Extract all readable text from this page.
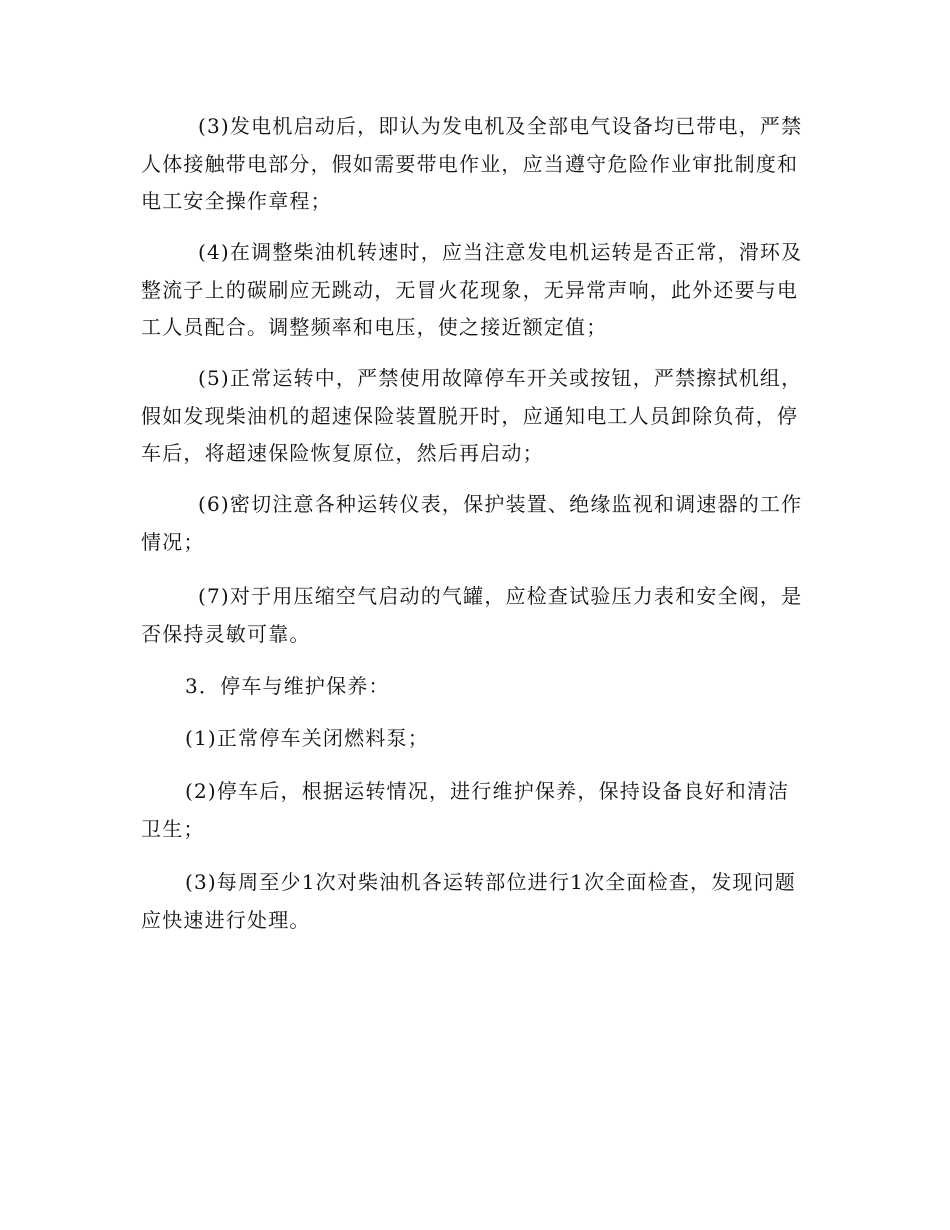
(3)发电机启动后，即认为发电机及全部电气设备均已带电，严禁人体接触带电部分，假如需要带电作业，应当遵守危险作业审批制度和电工安全操作章程；

(4)在调整柴油机转速时，应当注意发电机运转是否正常，滑环及整流子上的碳刷应无跳动，无冒火花现象，无异常声响，此外还要与电工人员配合。调整频率和电压，使之接近额定值；

(5)正常运转中，严禁使用故障停车开关或按钮，严禁擦拭机组，假如发现柴油机的超速保险装置脱开时，应通知电工人员卸除负荷，停车后，将超速保险恢复原位，然后再启动；

(6)密切注意各种运转仪表，保护装置、绝缘监视和调速器的工作情况；

(7)对于用压缩空气启动的气罐，应检查试验压力表和安全阀，是否保持灵敏可靠。

3．停车与维护保养：

(1)正常停车关闭燃料泵；

(2)停车后，根据运转情况，进行维护保养，保持设备良好和清洁卫生；

(3)每周至少1次对柴油机各运转部位进行1次全面检查，发现问题应快速进行处理。
